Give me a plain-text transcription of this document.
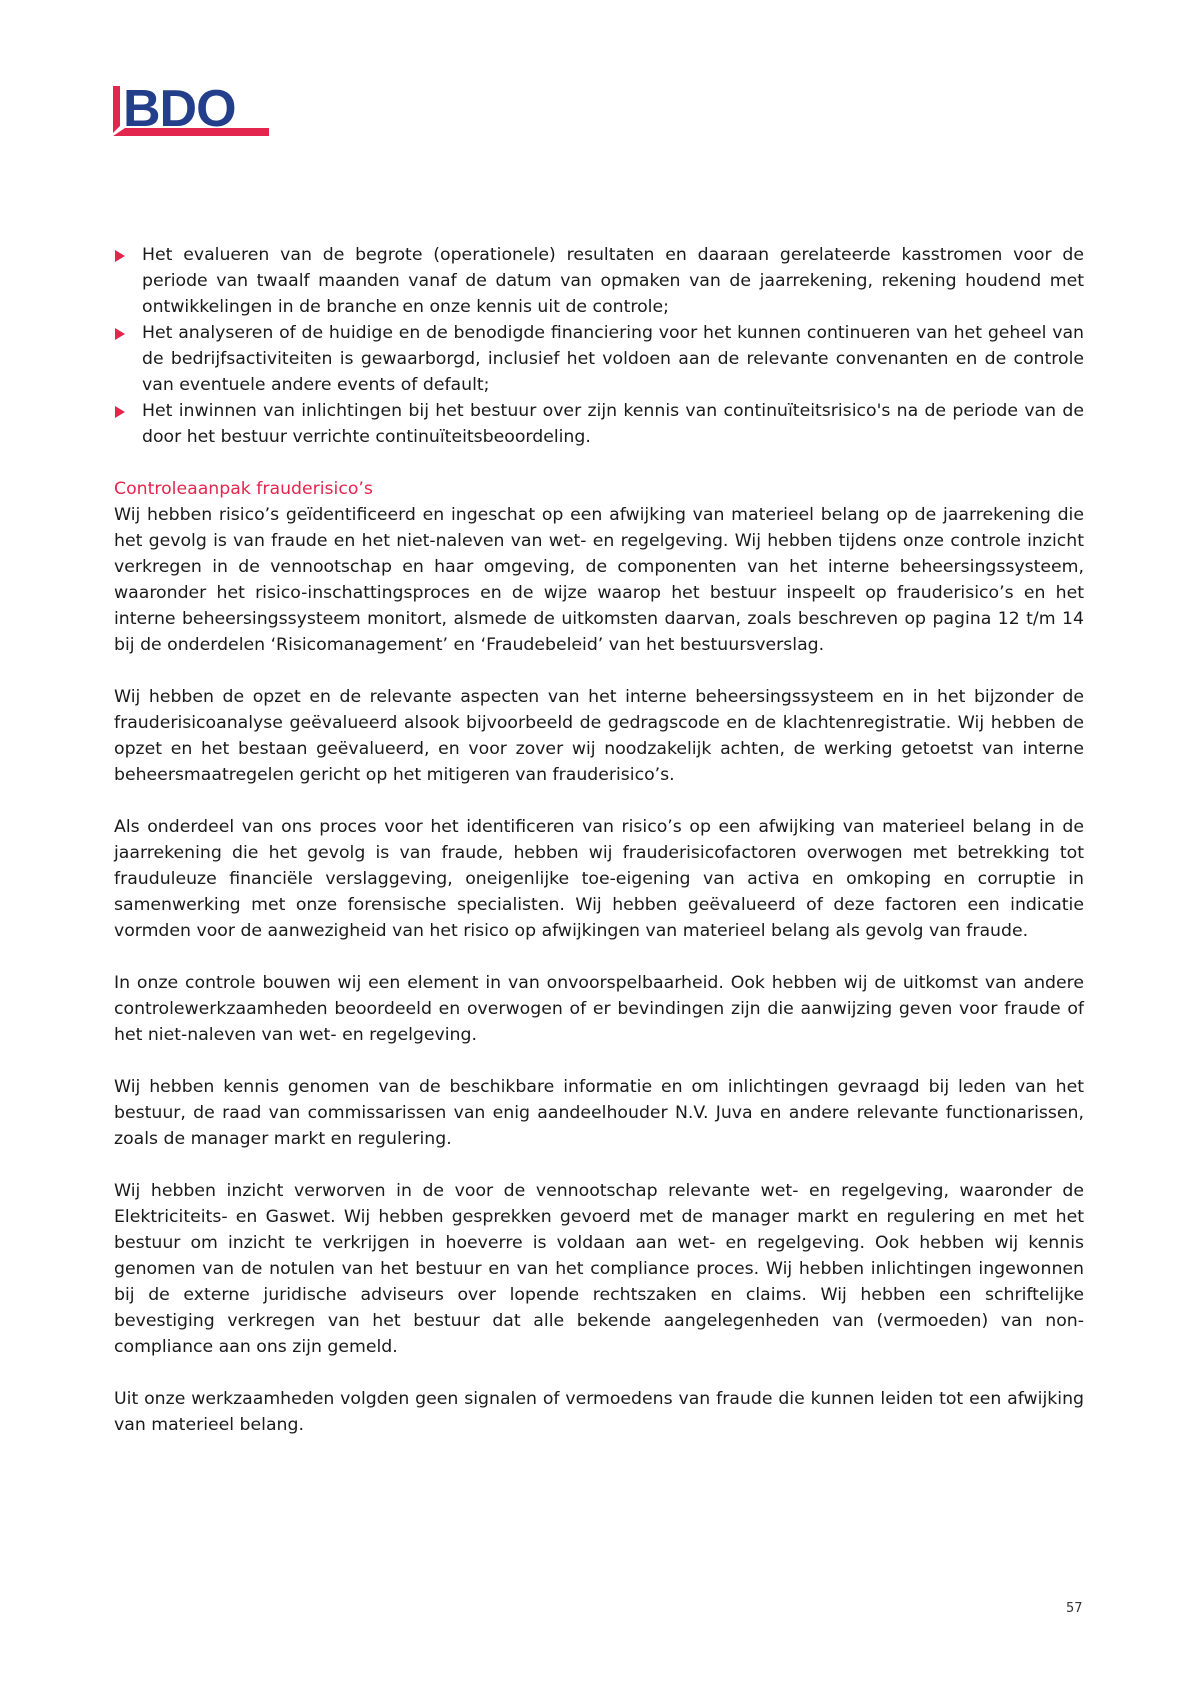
BDO
Het evalueren van de begrote (operationele) resultaten en daaraan gerelateerde kasstromen voor de periode van twaalf maanden vanaf de datum van opmaken van de jaarrekening, rekening houdend met ontwikkelingen in de branche en onze kennis uit de controle;
Het analyseren of de huidige en de benodigde financiering voor het kunnen continueren van het geheel van de bedrijfsactiviteiten is gewaarborgd, inclusief het voldoen aan de relevante convenanten en de controle van eventuele andere events of default;
Het inwinnen van inlichtingen bij het bestuur over zijn kennis van continuïteitsrisico's na de periode van de door het bestuur verrichte continuïteitsbeoordeling.
Controleaanpak frauderisico’s

Wij hebben risico’s geïdentificeerd en ingeschat op een afwijking van materieel belang op de jaarrekening die het gevolg is van fraude en het niet-naleven van wet- en regelgeving. Wij hebben tijdens onze controle inzicht verkregen in de vennootschap en haar omgeving, de componenten van het interne beheersingssysteem, waaronder het risico-inschattingsproces en de wijze waarop het bestuur inspeelt op frauderisico’s en het interne beheersingssysteem monitort, alsmede de uitkomsten daarvan, zoals beschreven op pagina 12 t/m 14 bij de onderdelen ‘Risicomanagement’ en ‘Fraudebeleid’ van het bestuursverslag.

Wij hebben de opzet en de relevante aspecten van het interne beheersingssysteem en in het bijzonder de frauderisicoanalyse geëvalueerd alsook bijvoorbeeld de gedragscode en de klachtenregistratie. Wij hebben de opzet en het bestaan geëvalueerd, en voor zover wij noodzakelijk achten, de werking getoetst van interne beheersmaatregelen gericht op het mitigeren van frauderisico’s.

Als onderdeel van ons proces voor het identificeren van risico’s op een afwijking van materieel belang in de jaarrekening die het gevolg is van fraude, hebben wij frauderisicofactoren overwogen met betrekking tot frauduleuze financiële verslaggeving, oneigenlijke toe-eigening van activa en omkoping en corruptie in samenwerking met onze forensische specialisten. Wij hebben geëvalueerd of deze factoren een indicatie vormden voor de aanwezigheid van het risico op afwijkingen van materieel belang als gevolg van fraude.

In onze controle bouwen wij een element in van onvoorspelbaarheid. Ook hebben wij de uitkomst van andere controlewerkzaamheden beoordeeld en overwogen of er bevindingen zijn die aanwijzing geven voor fraude of het niet-naleven van wet- en regelgeving.

Wij hebben kennis genomen van de beschikbare informatie en om inlichtingen gevraagd bij leden van het bestuur, de raad van commissarissen van enig aandeelhouder N.V. Juva en andere relevante functionarissen, zoals de manager markt en regulering.

Wij hebben inzicht verworven in de voor de vennootschap relevante wet- en regelgeving, waaronder de Elektriciteits- en Gaswet. Wij hebben gesprekken gevoerd met de manager markt en regulering en met het bestuur om inzicht te verkrijgen in hoeverre is voldaan aan wet- en regelgeving. Ook hebben wij kennis genomen van de notulen van het bestuur en van het compliance proces. Wij hebben inlichtingen ingewonnen bij de externe juridische adviseurs over lopende rechtszaken en claims. Wij hebben een schriftelijke bevestiging verkregen van het bestuur dat alle bekende aangelegenheden van (vermoeden) van non-compliance aan ons zijn gemeld.

Uit onze werkzaamheden volgden geen signalen of vermoedens van fraude die kunnen leiden tot een afwijking van materieel belang.

57
